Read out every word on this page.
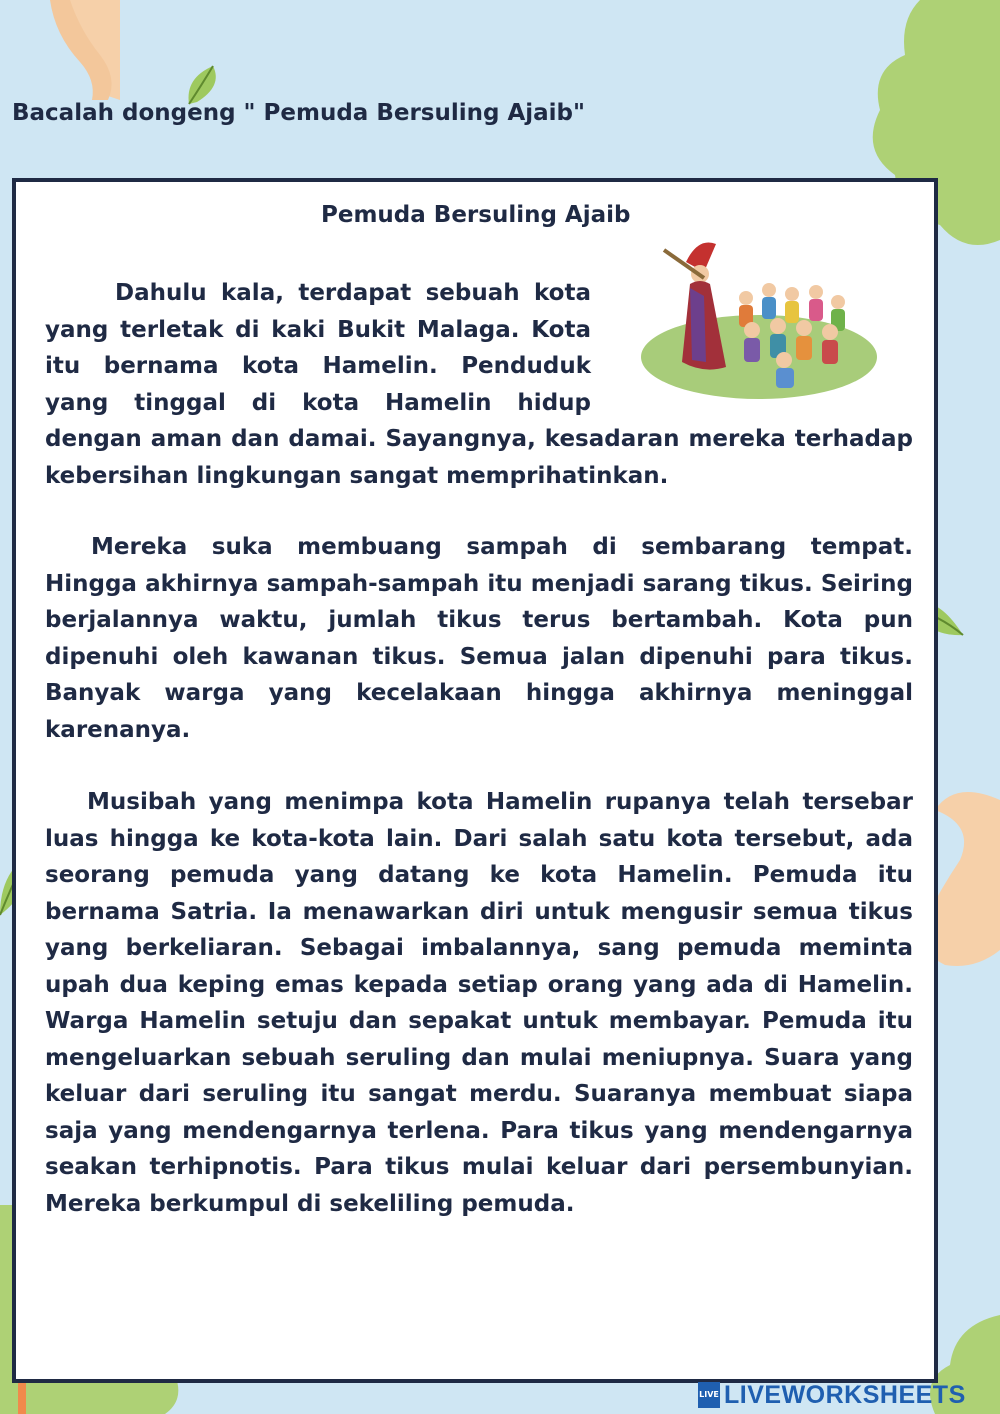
Bacalah dongeng " Pemuda Bersuling Ajaib"
Pemuda Bersuling Ajaib

Dahulu kala, terdapat sebuah kota yang terletak di kaki Bukit Malaga. Kota itu bernama kota Hamelin. Penduduk yang tinggal di kota Hamelin hidup dengan aman dan damai. Sayangnya, kesadaran mereka terhadap kebersihan lingkungan sangat memprihatinkan.

Mereka suka membuang sampah di sembarang tempat. Hingga akhirnya sampah-sampah itu menjadi sarang tikus. Seiring berjalannya waktu, jumlah tikus terus bertambah. Kota pun dipenuhi oleh kawanan tikus. Semua jalan dipenuhi para tikus. Banyak warga yang kecelakaan hingga akhirnya meninggal karenanya.

Musibah yang menimpa kota Hamelin rupanya telah tersebar luas hingga ke kota-kota lain. Dari salah satu kota tersebut, ada seorang pemuda yang datang ke kota Hamelin. Pemuda itu bernama Satria. Ia menawarkan diri untuk mengusir semua tikus yang berkeliaran. Sebagai imbalannya, sang pemuda meminta upah dua keping emas kepada setiap orang yang ada di Hamelin. Warga Hamelin setuju dan sepakat untuk membayar. Pemuda itu mengeluarkan sebuah seruling dan mulai meniupnya. Suara yang keluar dari seruling itu sangat merdu. Suaranya membuat siapa saja yang mendengarnya terlena. Para tikus yang mendengarnya seakan terhipnotis. Para tikus mulai keluar dari persembunyian. Mereka berkumpul di sekeliling pemuda.

LIVE LIVEWORKSHEETS
